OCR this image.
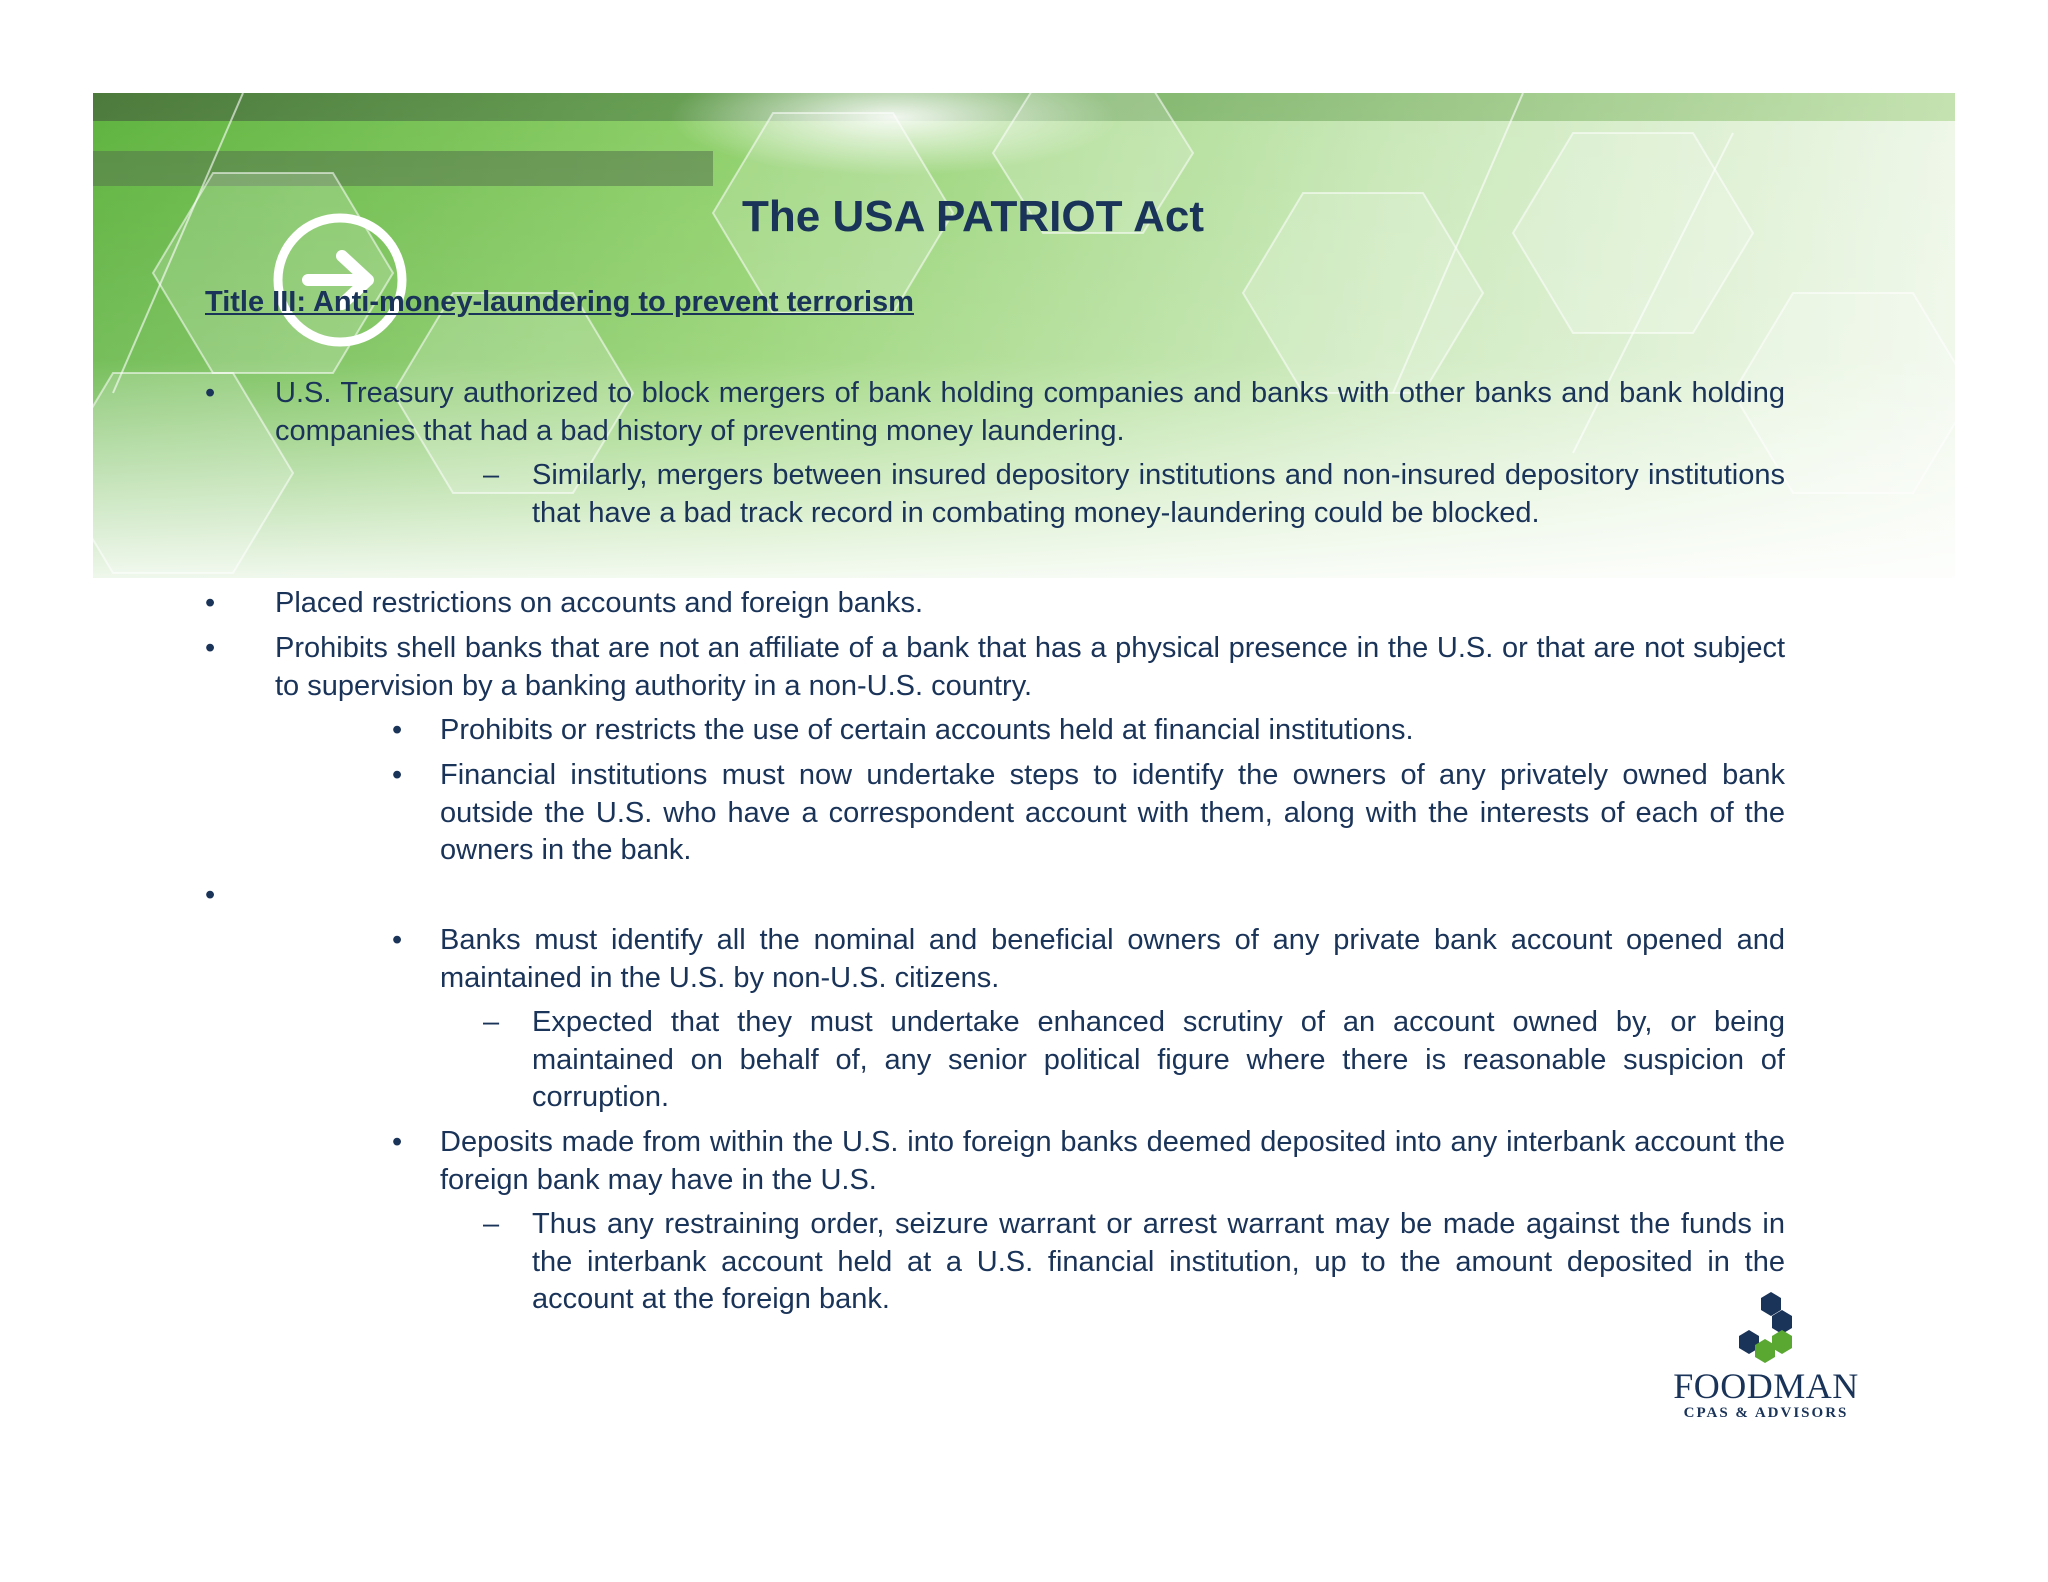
The USA PATRIOT Act
Title III: Anti-money-laundering to prevent terrorism
• U.S. Treasury authorized to block mergers of bank holding companies and banks with other banks and bank holding companies that had a bad history of preventing money laundering.
– Similarly, mergers between insured depository institutions and non-insured depository institutions that have a bad track record in combating money-laundering could be blocked.
• Placed restrictions on accounts and foreign banks.
• Prohibits shell banks that are not an affiliate of a bank that has a physical presence in the U.S. or that are not subject to supervision by a banking authority in a non-U.S. country.
• Prohibits or restricts the use of certain accounts held at financial institutions.
• Financial institutions must now undertake steps to identify the owners of any privately owned bank outside the U.S. who have a correspondent account with them, along with the interests of each of the owners in the bank.
•
• Banks must identify all the nominal and beneficial owners of any private bank account opened and maintained in the U.S. by non-U.S. citizens.
– Expected that they must undertake enhanced scrutiny of an account owned by, or being maintained on behalf of, any senior political figure where there is reasonable suspicion of corruption.
• Deposits made from within the U.S. into foreign banks deemed deposited into any interbank account the foreign bank may have in the U.S.
– Thus any restraining order, seizure warrant or arrest warrant may be made against the funds in the interbank account held at a U.S. financial institution, up to the amount deposited in the account at the foreign bank.
FOODMAN
CPAS & ADVISORS
